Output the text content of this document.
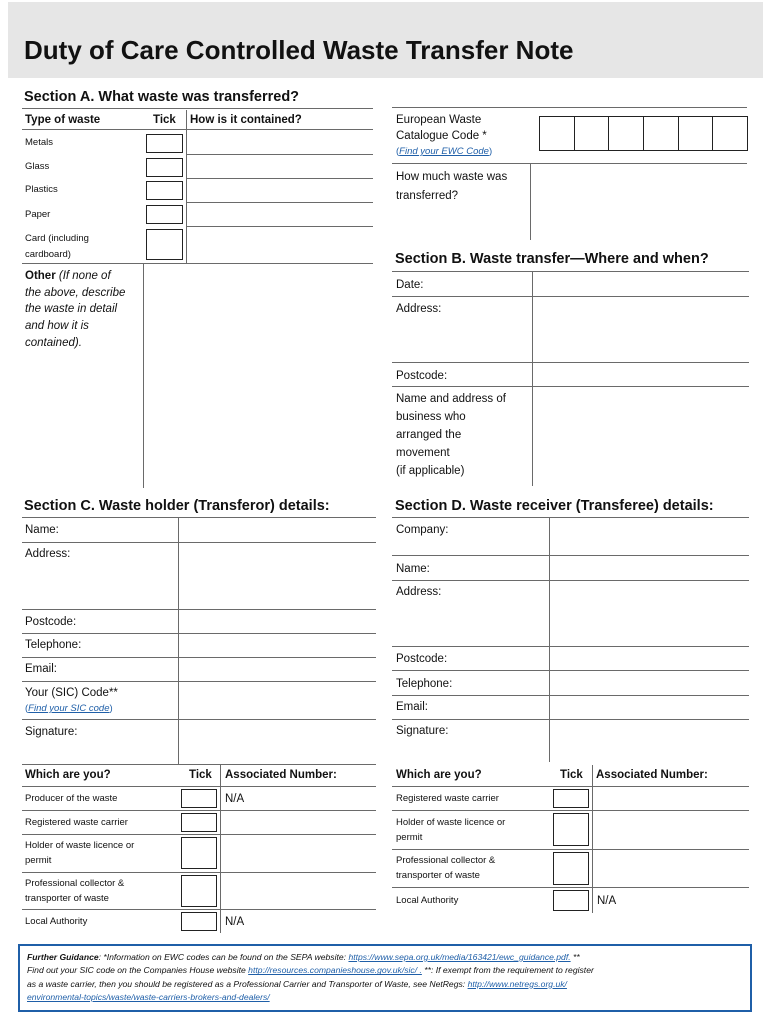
Duty of Care Controlled Waste Transfer Note
Section A. What waste was transferred?
Type of waste	Tick How is it contained?
Metals
Glass
Plastics
Paper
Card (including
cardboard)
Other (If none of
the above, describe
the waste in detail
and how it is
contained).
European Waste
Catalogue Code *
(Find your EWC Code)
How much waste was
transferred?
Section B. Waste transfer—Where and when?
Date:
Address:
Postcode:
Name and address of
business who
arranged the
movement
(if applicable)
Section C. Waste holder (Transferor) details:
Name:
Address:
Postcode:
Telephone:
Email:
Your (SIC) Code**
(Find your SIC code)
Signature:
Which are you?	Tick Associated Number:
Producer of the waste	N/A
Registered waste carrier
Holder of waste licence or
permit
Professional collector &
transporter of waste
Local Authority	N/A
Section D. Waste receiver (Transferee) details:
Company:
Name:
Address:
Postcode:
Telephone:
Email:
Signature:
Which are you?	Tick Associated Number:
Registered waste carrier
Holder of waste licence or
permit
Professional collector &
transporter of waste
Local Authority	N/A
Further Guidance: *Information on EWC codes can be found on the SEPA website: https://www.sepa.org.uk/media/163421/ewc_guidance.pdf. **
Find out your SIC code on the Companies House website http://resources.companieshouse.gov.uk/sic/ . **: If exempt from the requirement to register
as a waste carrier, then you should be registered as a Professional Carrier and Transporter of Waste, see NetRegs: http://www.netregs.org.uk/
environmental-topics/waste/waste-carriers-brokers-and-dealers/
